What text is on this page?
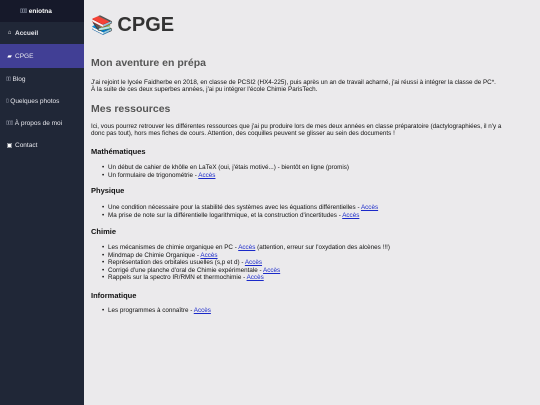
▯▯▯ eniotna
⌂ Accueil
▰ CPGE
▯▯ Blog
▯ Quelques photos
▯▯▯ À propos de moi
▣ Contact
📚 CPGE
Mon aventure en prépa

J'ai rejoint le lycée Faidherbe en 2018, en classe de PCSI2 (HX4-225), puis après un an de travail acharné, j'ai réussi à intégrer la classe de PC*.
À la suite de ces deux superbes années, j'ai pu intégrer l'école Chimie ParisTech.

Mes ressources

Ici, vous pourrez retrouver les différentes ressources que j'ai pu produire lors de mes deux années en classe préparatoire (dactylographiées, il n'y a
donc pas tout), hors mes fiches de cours. Attention, des coquilles peuvent se glisser au sein des documents !

Mathématiques
• Un début de cahier de khôlle en LaTeX (oui, j'étais motivé...) - bientôt en ligne (promis)
• Un formulaire de trigonométrie - Accès
Physique
• Une condition nécessaire pour la stabilité des systèmes avec les équations différentielles - Accès
• Ma prise de note sur la différentielle logarithmique, et la construction d'incertitudes - Accès
Chimie
• Les mécanismes de chimie organique en PC - Accès (attention, erreur sur l'oxydation des alcènes !!!)
• Mindmap de Chimie Organique - Accès
• Représentation des orbitales usuelles (s,p et d) - Accès
• Corrigé d'une planche d'oral de Chimie expérimentale - Accès
• Rappels sur la spectro IR/RMN et thermochimie - Accès
Informatique
• Les programmes à connaître - Accès
